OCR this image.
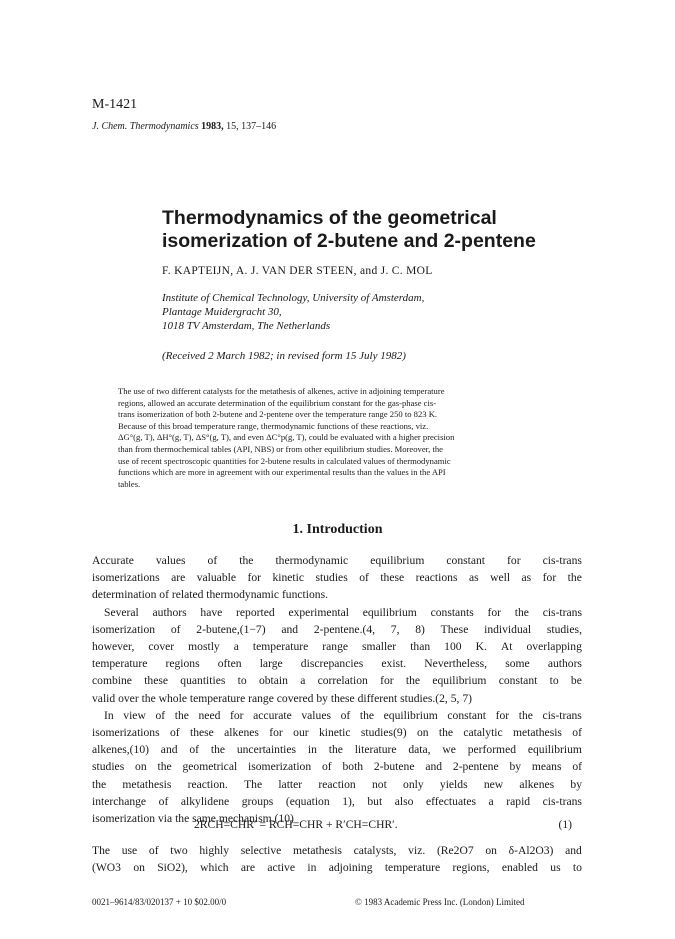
M-1421
J. Chem. Thermodynamics 1983, 15, 137–146
Thermodynamics of the geometrical
isomerization of 2-butene and 2-pentene
F. KAPTEIJN, A. J. VAN DER STEEN, and J. C. MOL
Institute of Chemical Technology, University of Amsterdam,
Plantage Muidergracht 30,
1018 TV Amsterdam, The Netherlands
(Received 2 March 1982; in revised form 15 July 1982)
The use of two different catalysts for the metathesis of alkenes, active in adjoining temperature
regions, allowed an accurate determination of the equilibrium constant for the gas-phase cis-
trans isomerization of both 2-butene and 2-pentene over the temperature range 250 to 823 K.
Because of this broad temperature range, thermodynamic functions of these reactions, viz.
ΔG°(g, T), ΔH°(g, T), ΔS°(g, T), and even ΔC°p(g, T), could be evaluated with a higher precision
than from thermochemical tables (API, NBS) or from other equilibrium studies. Moreover, the
use of recent spectroscopic quantities for 2-butene results in calculated values of thermodynamic
functions which are more in agreement with our experimental results than the values in the API
tables.
1. Introduction
Accurate values of the thermodynamic equilibrium constant for cis-trans
isomerizations are valuable for kinetic studies of these reactions as well as for the
determination of related thermodynamic functions.
Several authors have reported experimental equilibrium constants for the cis-trans
isomerization of 2-butene,(1−7) and 2-pentene.(4, 7, 8) These individual studies,
however, cover mostly a temperature range smaller than 100 K. At overlapping
temperature regions often large discrepancies exist. Nevertheless, some authors
combine these quantities to obtain a correlation for the equilibrium constant to be
valid over the whole temperature range covered by these different studies.(2, 5, 7)
In view of the need for accurate values of the equilibrium constant for the cis-trans
isomerizations of these alkenes for our kinetic studies(9) on the catalytic metathesis of
alkenes,(10) and of the uncertainties in the literature data, we performed equilibrium
studies on the geometrical isomerization of both 2-butene and 2-pentene by means of
the metathesis reaction. The latter reaction not only yields new alkenes by
interchange of alkylidene groups (equation 1), but also effectuates a rapid cis-trans
isomerization via the same mechanism.(10)
2RCH=CHR′ = RCH=CHR + R′CH=CHR′.	(1)
The use of two highly selective metathesis catalysts, viz. (Re2O7 on δ-Al2O3) and
(WO3 on SiO2), which are active in adjoining temperature regions, enabled us to
0021–9614/83/020137 + 10 $02.00/0	© 1983 Academic Press Inc. (London) Limited
